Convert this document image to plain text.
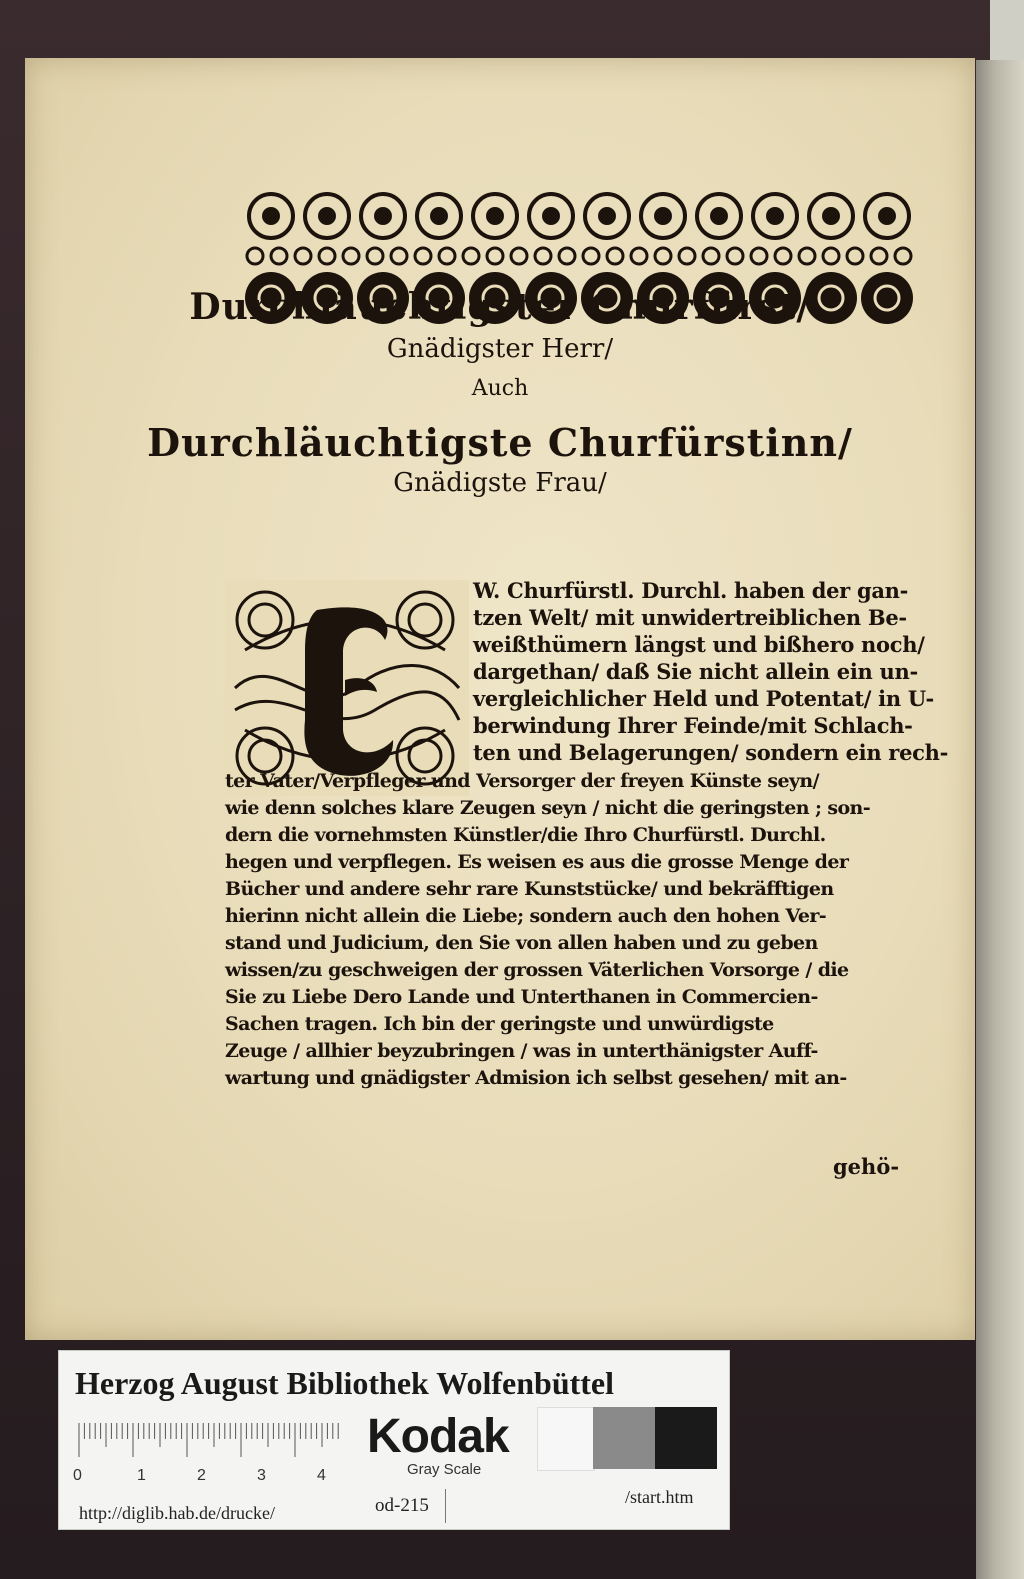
Durchläuchtigster Churfürst/
Gnädigster Herr/
Auch
Durchläuchtigste Churfürstinn/
Gnädigste Frau/
W. Churfürstl. Durchl. haben der gan-
tzen Welt/ mit unwidertreiblichen Be-
weißthümern längst und bißhero noch/
dargethan/ daß Sie nicht allein ein un-
vergleichlicher Held und Potentat/ in U-
berwindung Ihrer Feinde/mit Schlach-
ten und Belagerungen/ sondern ein rech-
ter Vater/Verpfleger und Versorger der freyen Künste seyn/
wie denn solches klare Zeugen seyn / nicht die geringsten ; son-
dern die vornehmsten Künstler/die Ihro Churfürstl. Durchl.
hegen und verpflegen. Es weisen es aus die grosse Menge der
Bücher und andere sehr rare Kunststücke/ und bekräfftigen
hierinn nicht allein die Liebe; sondern auch den hohen Ver-
stand und Judicium, den Sie von allen haben und zu geben
wissen/zu geschweigen der grossen Väterlichen Vorsorge / die
Sie zu Liebe Dero Lande und Unterthanen in Commercien-
Sachen tragen. Ich bin der geringste und unwürdigste
Zeuge / allhier beyzubringen / was in unterthänigster Auff-
wartung und gnädigster Admision ich selbst gesehen/ mit an-
gehö-
Herzog August Bibliothek Wolfenbüttel
0	1	2	3	4
Kodak
Gray Scale
http://diglib.hab.de/drucke/	od-215	/start.htm
